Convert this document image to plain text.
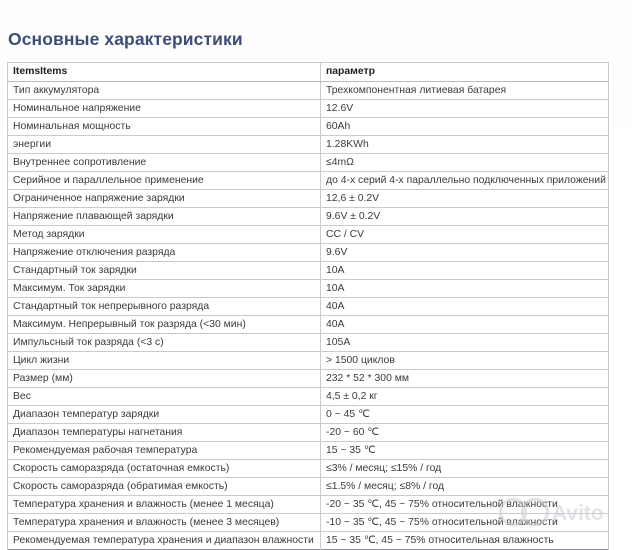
Основные характеристики
ItemsItems	параметр
Тип аккумулятора	Трехкомпонентная литиевая батарея
Номинальное напряжение	12.6V
Номинальная мощность	60Ah
энергии	1.28KWh
Внутреннее сопротивление	≤4mΩ
Серийное и параллельное применение	до 4-х серий 4-х параллельно подключенных приложений
Ограниченное напряжение зарядки	12,6 ± 0.2V
Напряжение плавающей зарядки	9.6V ± 0.2V
Метод зарядки	CC / CV
Напряжение отключения разряда	9.6V
Стандартный ток зарядки	10A
Максимум. Ток зарядки	10A
Стандартный ток непрерывного разряда	40A
Максимум. Непрерывный ток разряда (<30 мин)	40A
Импульсный ток разряда (<3 с)	105A
Цикл жизни	> 1500 циклов
Размер (мм)	232 * 52 * 300 мм
Вес	4,5 ± 0,2 кг
Диапазон температур зарядки	0 ~ 45 ℃
Диапазон температуры нагнетания	-20 ~ 60 ℃
Рекомендуемая рабочая температура	15 ~ 35 ℃
Скорость саморазряда (остаточная емкость)	≤3% / месяц; ≤15% / год
Скорость саморазряда (обратимая емкость)	≤1.5% / месяц; ≤8% / год
Температура хранения и влажность (менее 1 месяца)	-20 ~ 35 ℃, 45 ~ 75% относительной влажности
Температура хранения и влажность (менее 3 месяцев)	-10 ~ 35 ℃, 45 ~ 75% относительной влажности
Рекомендуемая температура хранения и диапазон влажности	15 ~ 35 ℃, 45 ~ 75% относительная влажность
Avito
